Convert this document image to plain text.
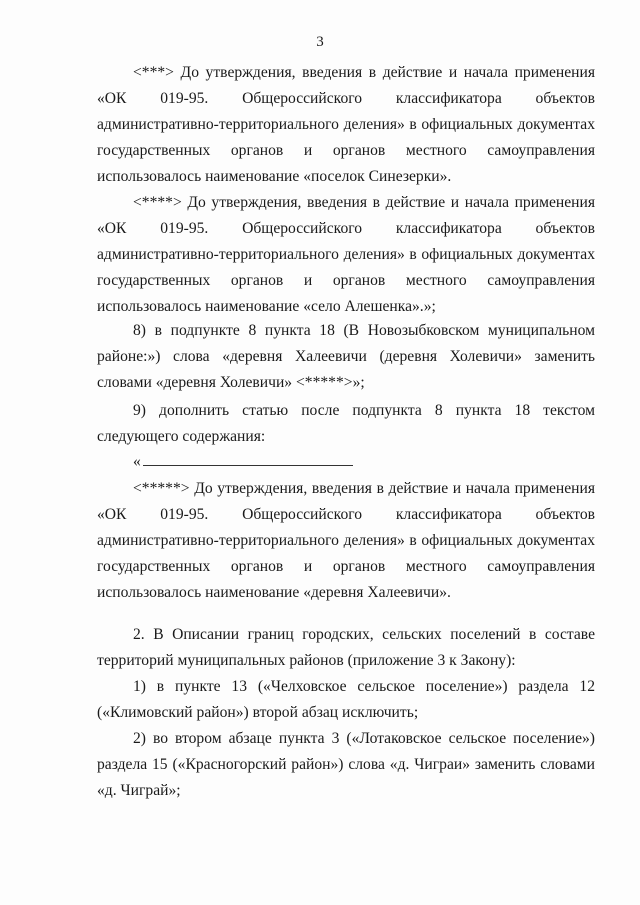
3

<***> До утверждения, введения в действие и начала применения «ОК 019-95. Общероссийского классификатора объектов административно-территориального деления» в официальных документах государственных органов и органов местного самоуправления использовалось наименование «поселок Синезерки».

<****> До утверждения, введения в действие и начала применения «ОК 019-95. Общероссийского классификатора объектов административно-территориального деления» в официальных документах государственных органов и органов местного самоуправления использовалось наименование «село Алешенка».»;

8) в подпункте 8 пункта 18 (В Новозыбковском муниципальном районе:») слова «деревня Халеевичи (деревня Холевичи» заменить словами «деревня Холевичи» <*****>»;

9) дополнить статью после подпункта 8 пункта 18 текстом следующего содержания:

«

<*****> До утверждения, введения в действие и начала применения «ОК 019-95. Общероссийского классификатора объектов административно-территориального деления» в официальных документах государственных органов и органов местного самоуправления использовалось наименование «деревня Халеевичи».

2. В Описании границ городских, сельских поселений в составе территорий муниципальных районов (приложение 3 к Закону):

1) в пункте 13 («Челховское сельское поселение») раздела 12 («Климовский район») второй абзац исключить;

2) во втором абзаце пункта 3 («Лотаковское сельское поселение») раздела 15 («Красногорский район») слова «д. Чиграи» заменить словами «д. Чиграй»;
